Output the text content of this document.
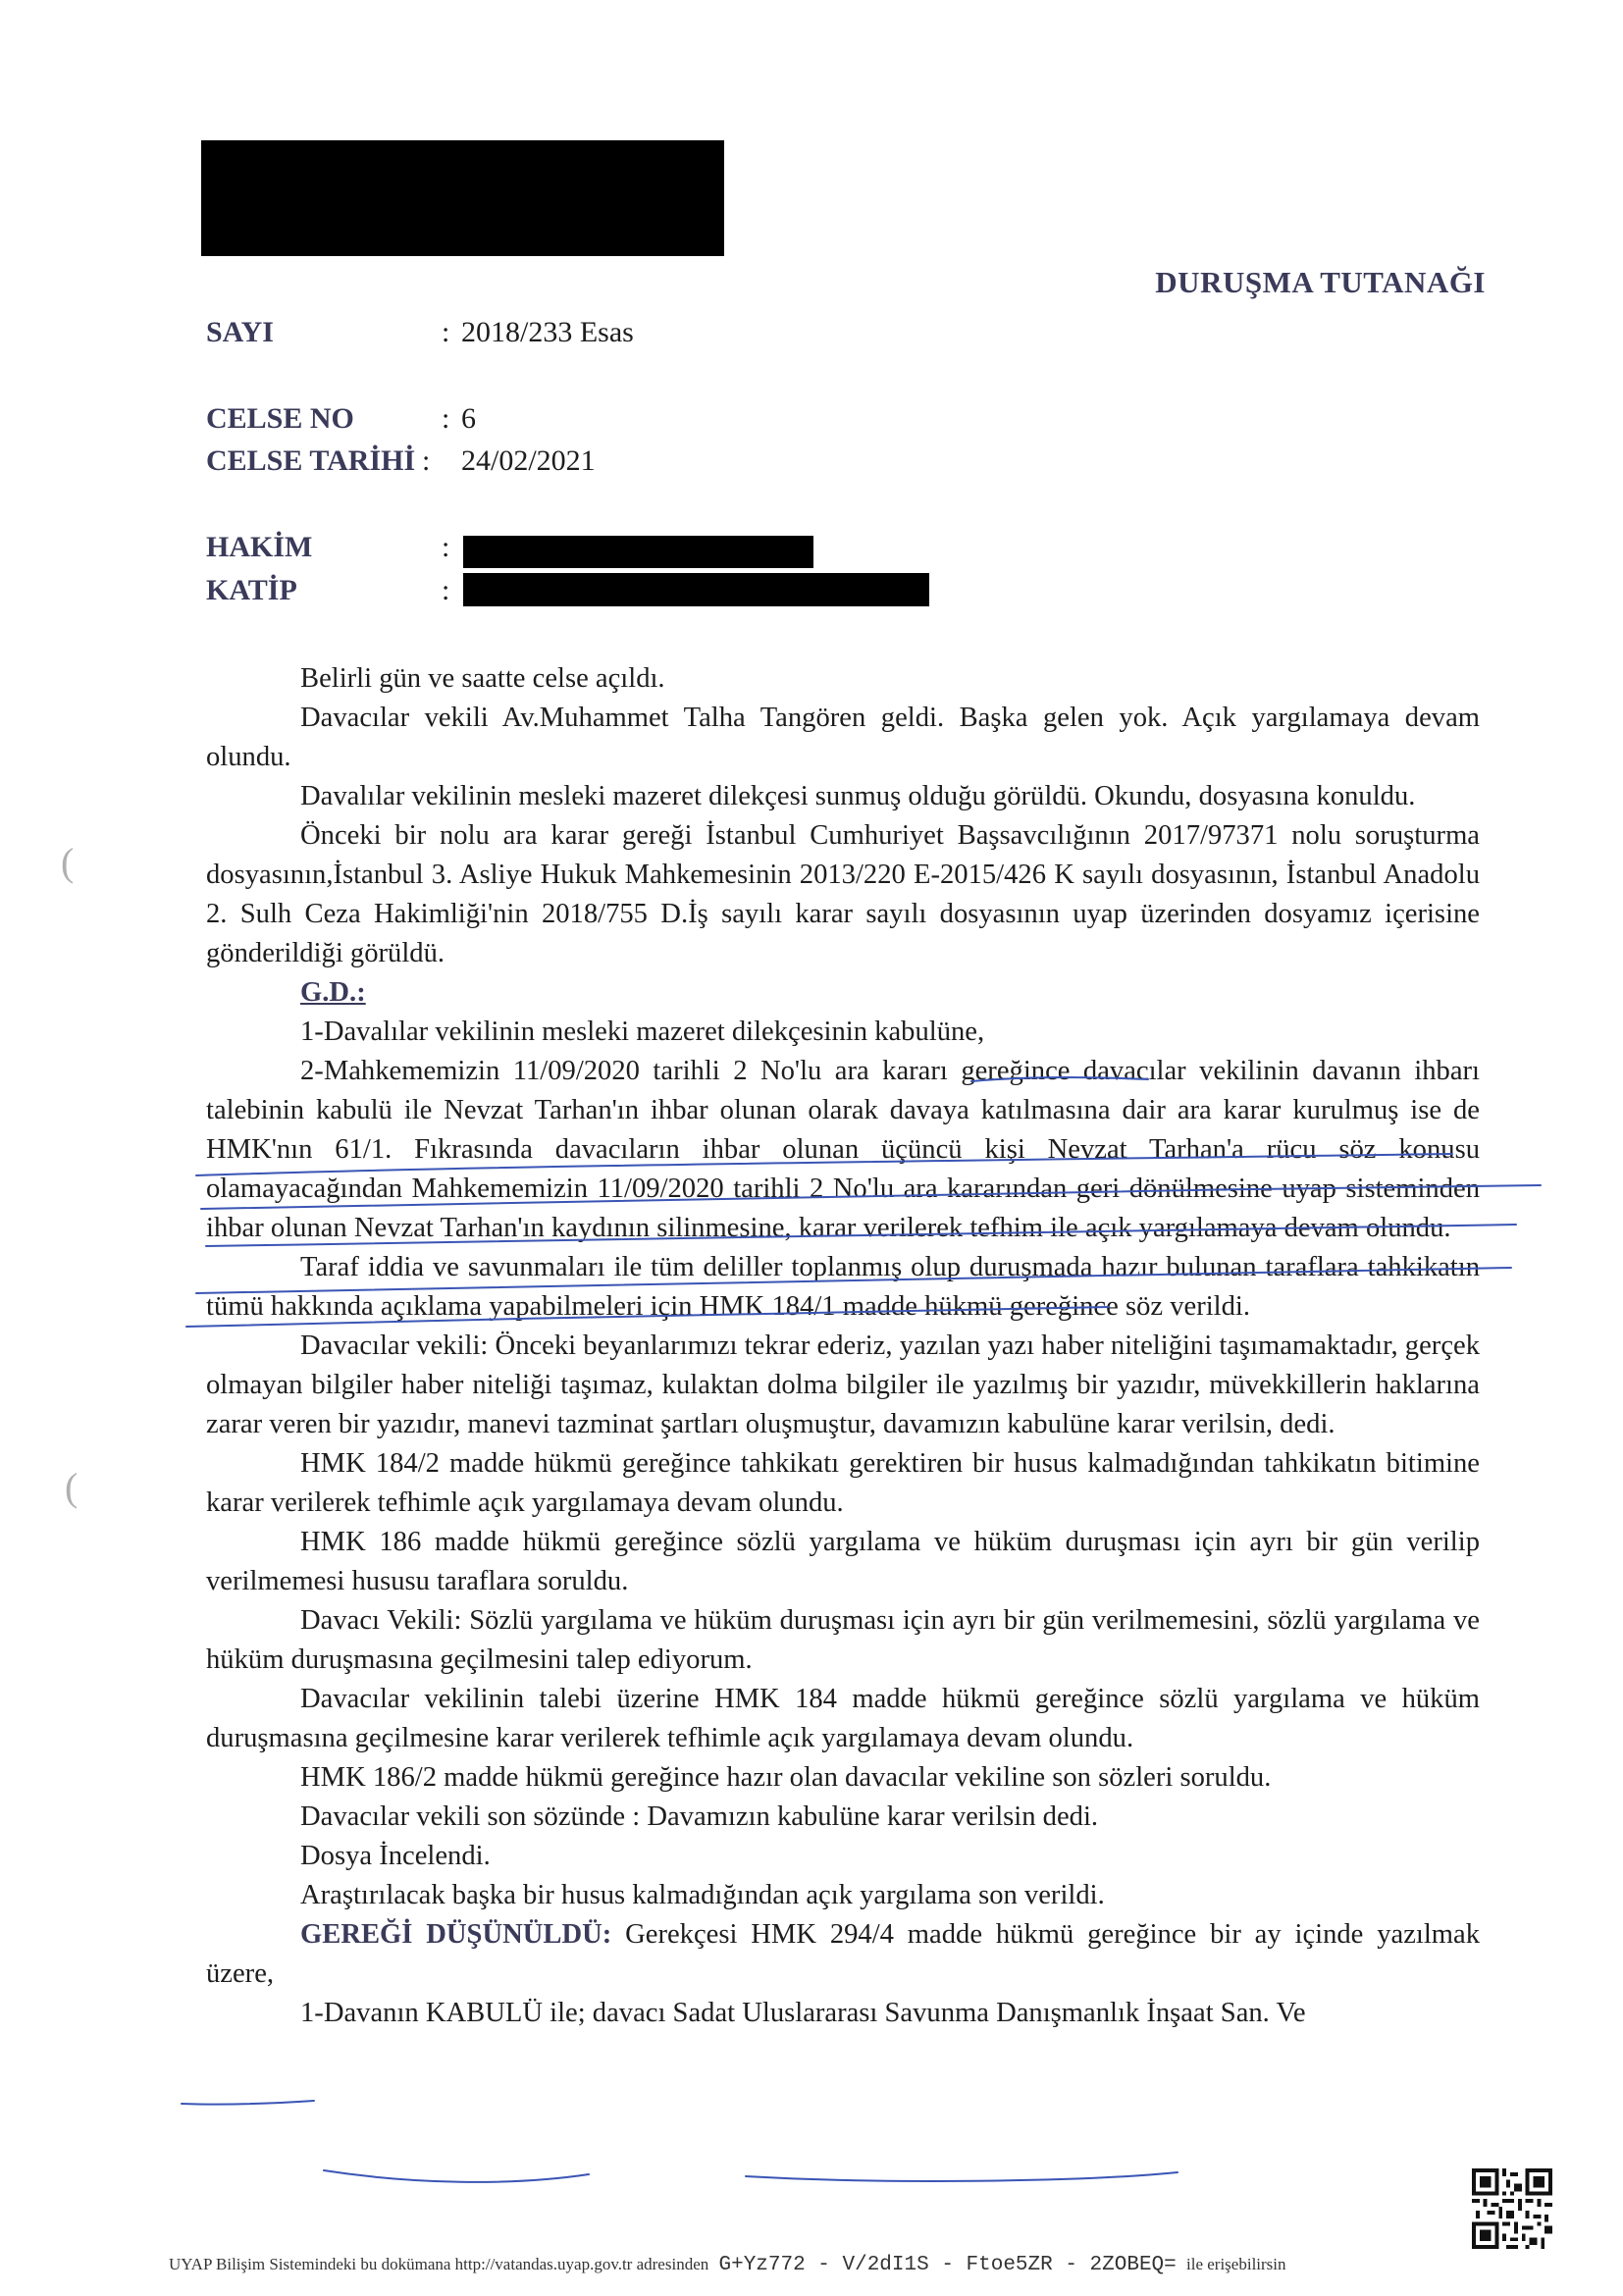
DURUŞMA TUTANAĞI
SAYI	: 2018/233 Esas
CELSE NO	: 6
CELSE TARİHİ : 24/02/2021
HAKİM	:
KATİP	:
(
(

Belirli gün ve saatte celse açıldı.

Davacılar vekili Av.Muhammet Talha Tangören geldi. Başka gelen yok. Açık yargılamaya devam olundu.

Davalılar vekilinin mesleki mazeret dilekçesi sunmuş olduğu görüldü. Okundu, dosyasına konuldu.

Önceki bir nolu ara karar gereği İstanbul Cumhuriyet Başsavcılığının 2017/97371 nolu soruşturma dosyasının,İstanbul 3. Asliye Hukuk Mahkemesinin 2013/220 E-2015/426 K sayılı dosyasının, İstanbul Anadolu 2. Sulh Ceza Hakimliği'nin 2018/755 D.İş sayılı karar sayılı dosyasının uyap üzerinden dosyamız içerisine gönderildiği görüldü.

G.D.:

1-Davalılar vekilinin mesleki mazeret dilekçesinin kabulüne,

2-Mahkememizin 11/09/2020 tarihli 2 No'lu ara kararı gereğince davacılar vekilinin davanın ihbarı talebinin kabulü ile Nevzat Tarhan'ın ihbar olunan olarak davaya katılmasına dair ara karar kurulmuş ise de HMK'nın 61/1. Fıkrasında davacıların ihbar olunan üçüncü kişi Nevzat Tarhan'a rücu söz konusu olamayacağından Mahkememizin 11/09/2020 tarihli 2 No'lu ara kararından geri dönülmesine uyap sisteminden ihbar olunan Nevzat Tarhan'ın kaydının silinmesine, karar verilerek tefhim ile açık yargılamaya devam olundu.

Taraf iddia ve savunmaları ile tüm deliller toplanmış olup duruşmada hazır bulunan taraflara tahkikatın tümü hakkında açıklama yapabilmeleri için HMK 184/1 madde hükmü gereğince söz verildi.

Davacılar vekili: Önceki beyanlarımızı tekrar ederiz, yazılan yazı haber niteliğini taşımamaktadır, gerçek olmayan bilgiler haber niteliği taşımaz, kulaktan dolma bilgiler ile yazılmış bir yazıdır, müvekkillerin haklarına zarar veren bir yazıdır, manevi tazminat şartları oluşmuştur, davamızın kabulüne karar verilsin, dedi.

HMK 184/2 madde hükmü gereğince tahkikatı gerektiren bir husus kalmadığından tahkikatın bitimine karar verilerek tefhimle açık yargılamaya devam olundu.

HMK 186 madde hükmü gereğince sözlü yargılama ve hüküm duruşması için ayrı bir gün verilip verilmemesi hususu taraflara soruldu.

Davacı Vekili: Sözlü yargılama ve hüküm duruşması için ayrı bir gün verilmemesini, sözlü yargılama ve hüküm duruşmasına geçilmesini talep ediyorum.

Davacılar vekilinin talebi üzerine HMK 184 madde hükmü gereğince sözlü yargılama ve hüküm duruşmasına geçilmesine karar verilerek tefhimle açık yargılamaya devam olundu.

HMK 186/2 madde hükmü gereğince hazır olan davacılar vekiline son sözleri soruldu.

Davacılar vekili son sözünde : Davamızın kabulüne karar verilsin dedi.

Dosya İncelendi.

Araştırılacak başka bir husus kalmadığından açık yargılama son verildi.

GEREĞİ DÜŞÜNÜLDÜ: Gerekçesi HMK 294/4 madde hükmü gereğince bir ay içinde yazılmak üzere,

1-Davanın KABULÜ ile; davacı Sadat Uluslararası Savunma Danışmanlık İnşaat San. Ve

UYAP Bilişim Sistemindeki bu dokümana http://vatandas.uyap.gov.tr adresinden G+Yz772 - V/2dI1S - Ftoe5ZR - 2ZOBEQ= ile erişebilirsin
